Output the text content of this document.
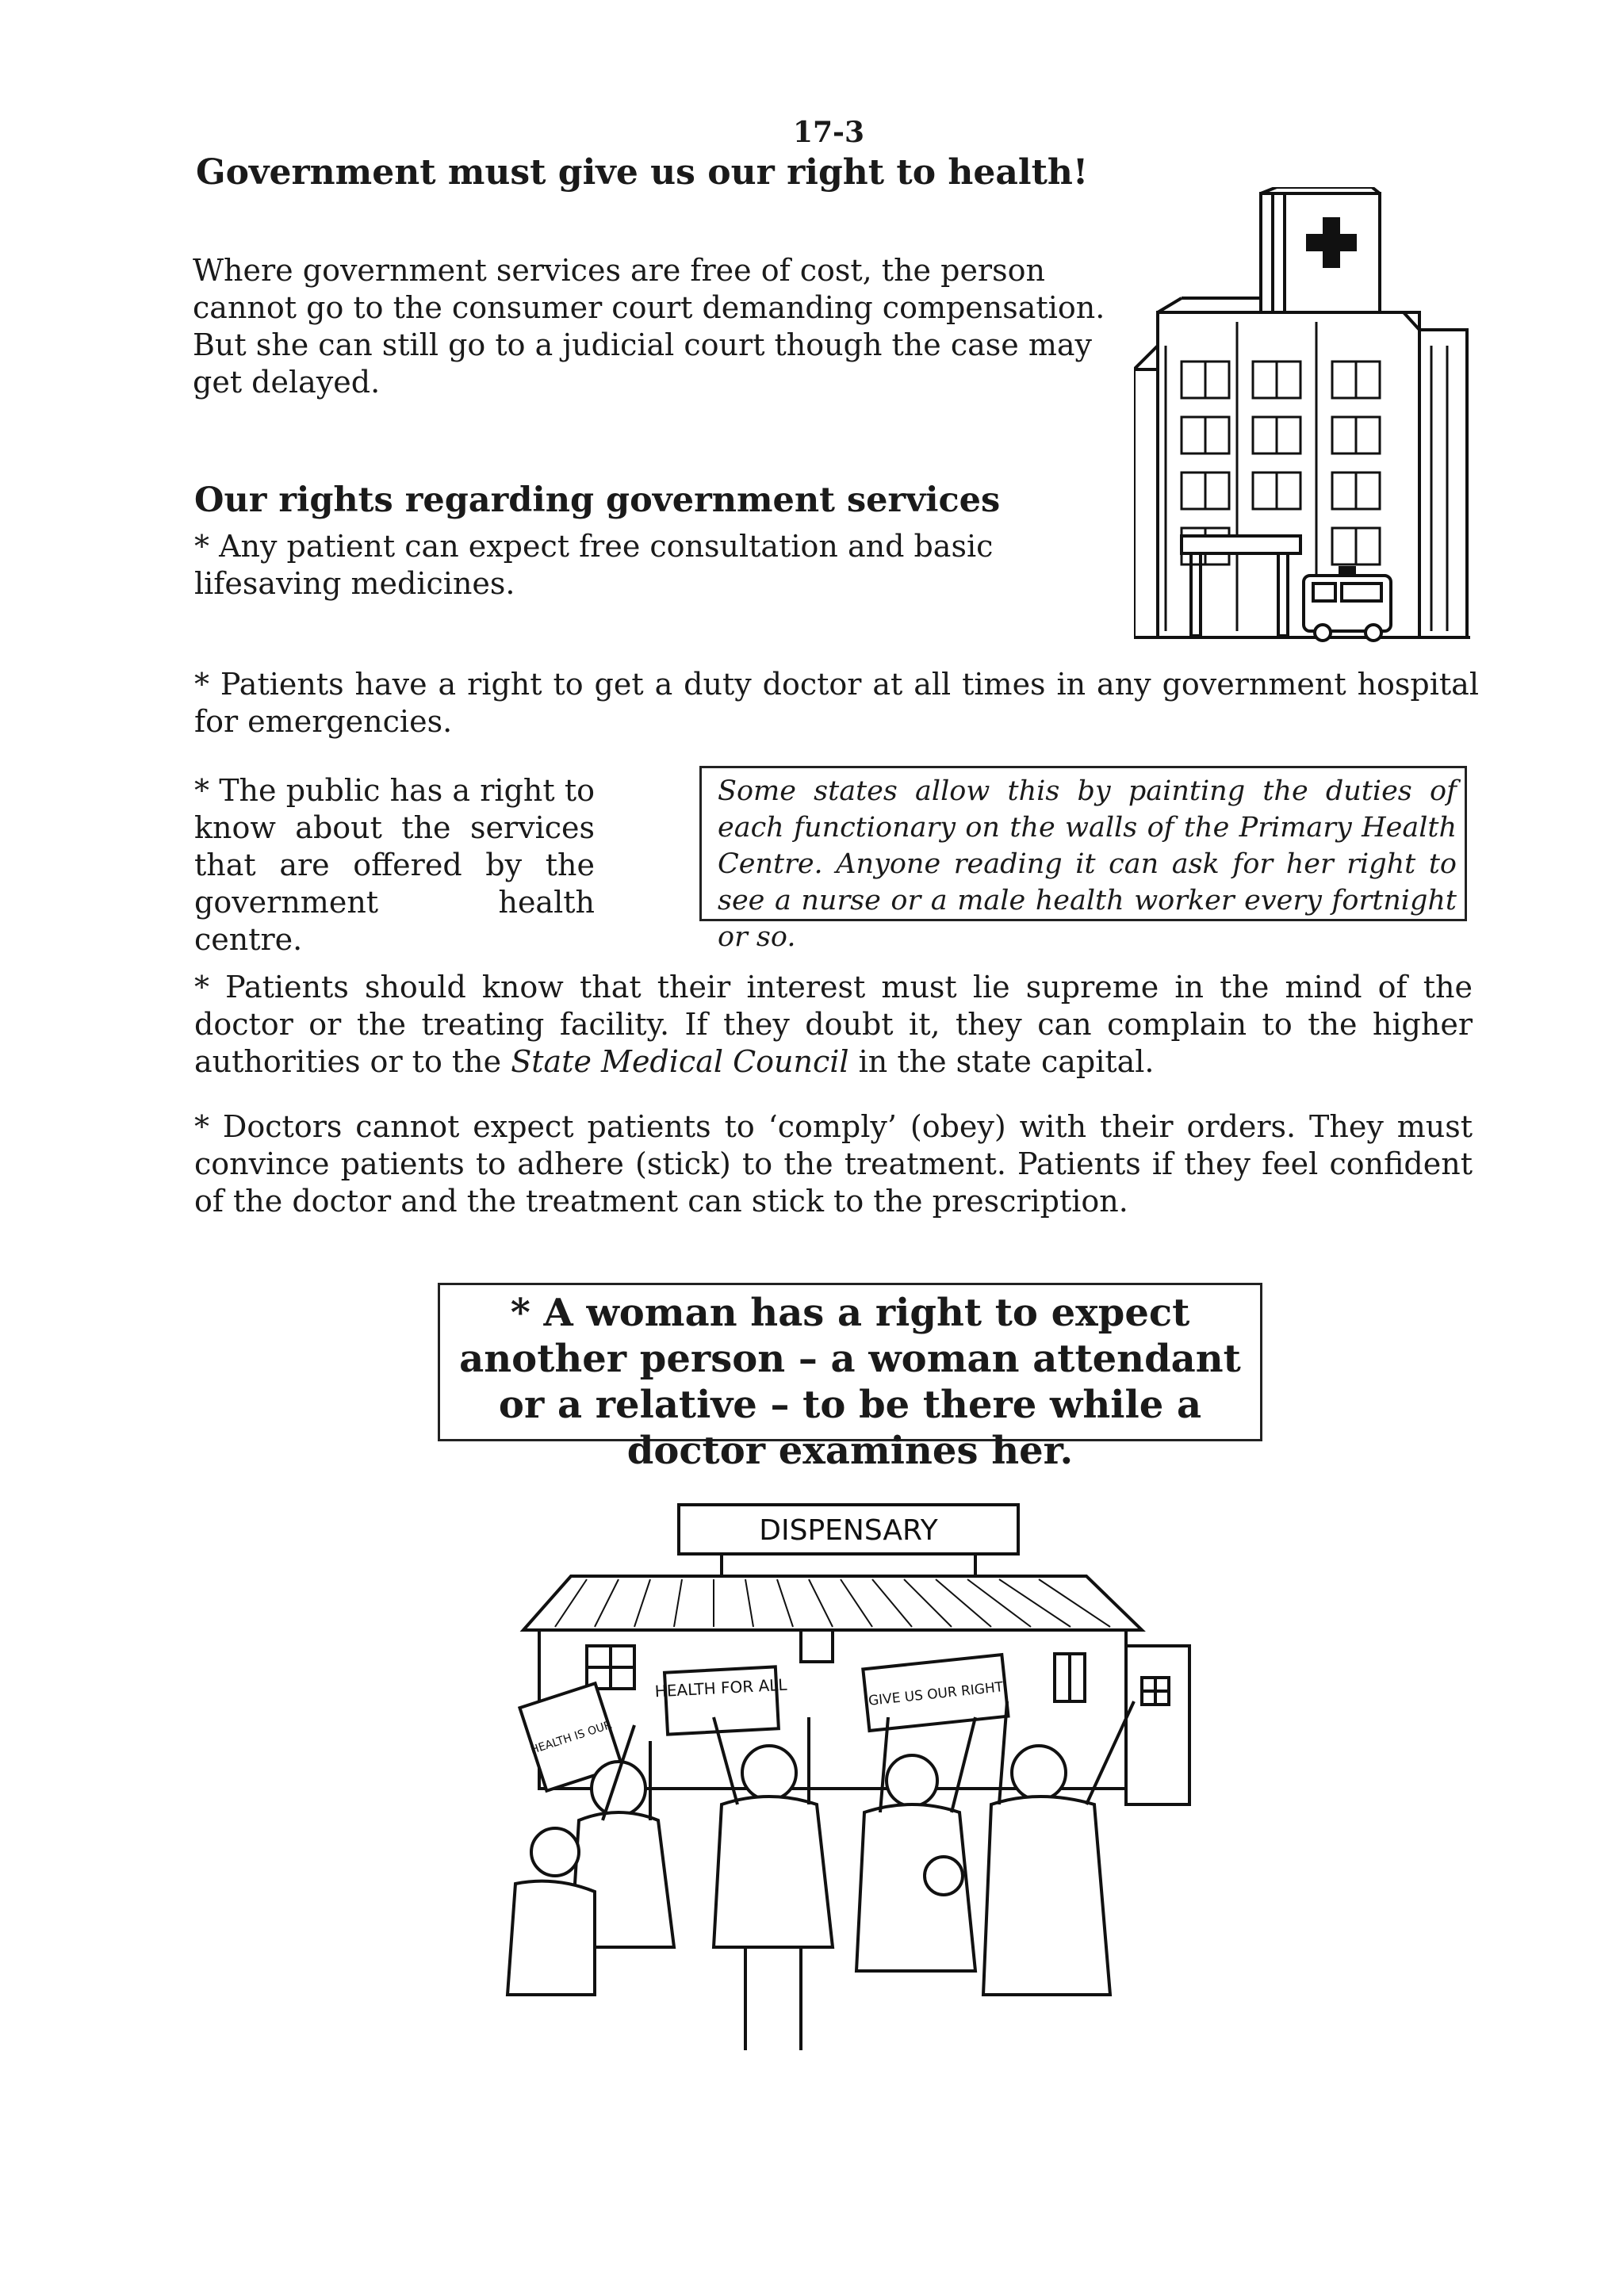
17-3
Government must give us our right to health!
Where government services are free of cost, the person cannot go to the consumer court demanding compensation. But she can still go to a judicial court though the case may get delayed.
Our rights regarding government services
* Any patient can expect free consultation and basic lifesaving medicines.
* Patients have a right to get a duty doctor at all times in any government hospital for emergencies.
* The public has a right to know about the services that are offered by the government health centre.
Some states allow this by painting the duties of each functionary on the walls of the Primary Health Centre. Anyone reading it can ask for her right to see a nurse or a male health worker every fortnight or so.
* Patients should know that their interest must lie supreme in the mind of the doctor or the treating facility. If they doubt it, they can complain to the higher authorities or to the State Medical Council in the state capital.
* Doctors cannot expect patients to ‘comply’ (obey) with their orders. They must convince patients to adhere (stick) to the treatment. Patients if they feel confident of the doctor and the treatment can stick to the prescription.
* A woman has a right to expect another person – a woman attendant or a relative – to be there while a doctor examines her.
DISPENSARY
HEALTH FOR ALL	GIVE US OUR RIGHT
HEALTH IS OUR
